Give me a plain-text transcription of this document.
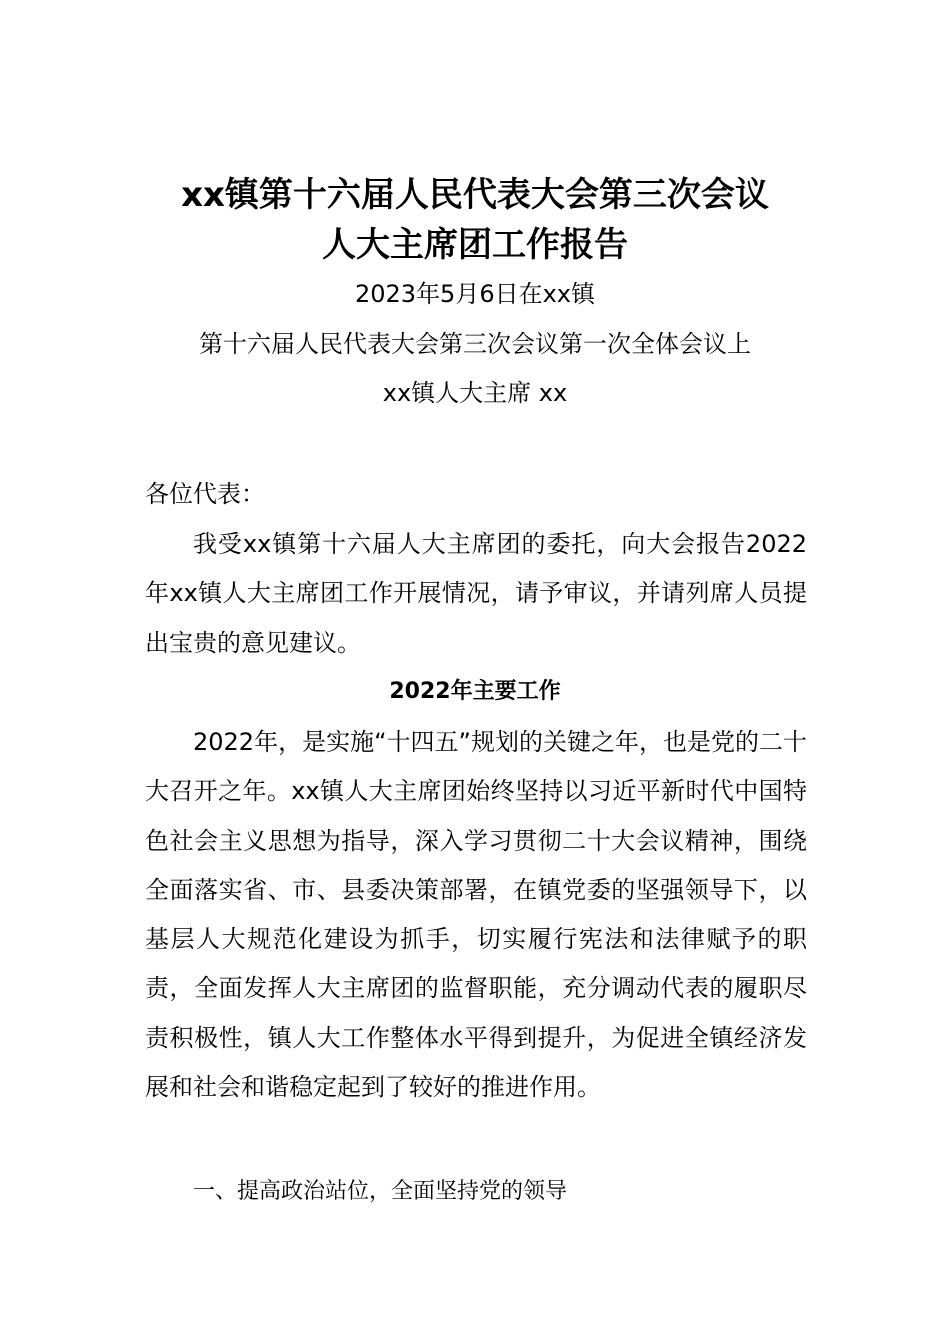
xx镇第十六届人民代表大会第三次会议
人大主席团工作报告
2023年5月6日在xx镇
第十六届人民代表大会第三次会议第一次全体会议上
xx镇人大主席 xx
各位代表：

我受xx镇第十六届人大主席团的委托，向大会报告2022年xx镇人大主席团工作开展情况，请予审议，并请列席人员提出宝贵的意见建议。

2022年主要工作

2022年，是实施“十四五”规划的关键之年，也是党的二十大召开之年。xx镇人大主席团始终坚持以习近平新时代中国特色社会主义思想为指导，深入学习贯彻二十大会议精神，围绕全面落实省、市、县委决策部署，在镇党委的坚强领导下，以基层人大规范化建设为抓手，切实履行宪法和法律赋予的职责，全面发挥人大主席团的监督职能，充分调动代表的履职尽责积极性，镇人大工作整体水平得到提升，为促进全镇经济发展和社会和谐稳定起到了较好的推进作用。

一、提高政治站位，全面坚持党的领导
